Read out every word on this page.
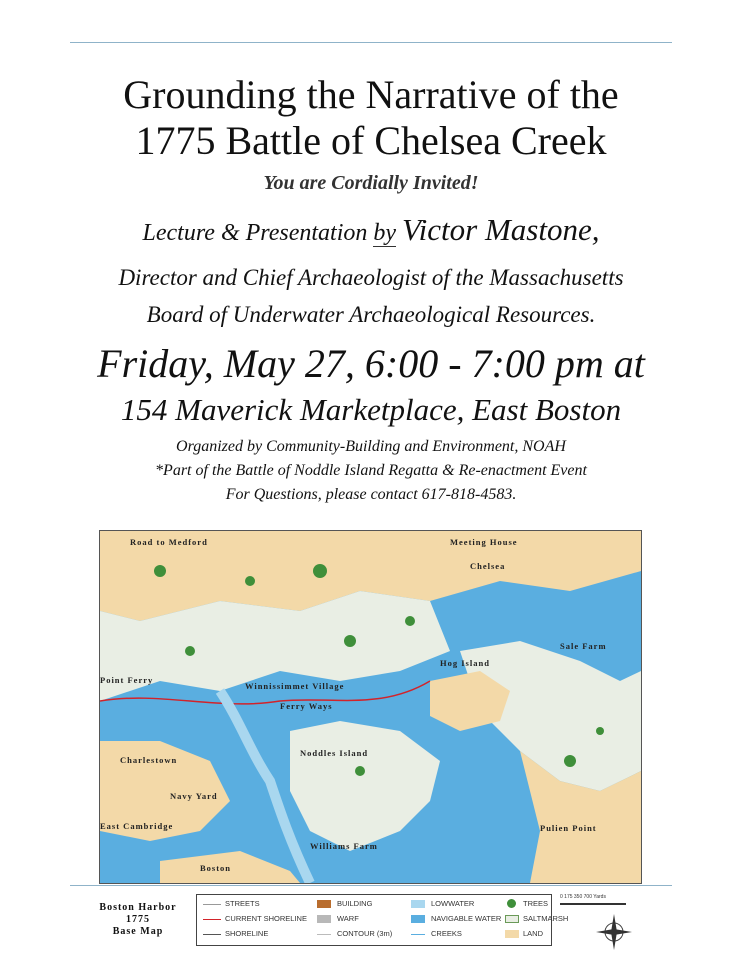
Grounding the Narrative of the
1775 Battle of Chelsea Creek
You are Cordially Invited!
Lecture & Presentation by Victor Mastone,
Director and Chief Archaeologist of the Massachusetts
Board of Underwater Archaeological Resources.
Friday, May 27, 6:00 - 7:00 pm at
154 Maverick Marketplace, East Boston
Organized by Community-Building and Environment, NOAH
*Part of the Battle of Noddle Island Regatta & Re-enactment Event
For Questions, please contact 617-818-4583.
Road to Medford	Meeting House
Chelsea
Sale Farm
Hog Island
Winnissimmet Village
Ferry Ways
Noddles Island
Charlestown
Navy Yard
East Cambridge
Williams Farm
Boston
Pulien Point
Point Ferry
Boston Harbor
1775
Base Map
STREETS
CURRENT SHORELINE
SHORELINE
BUILDING
WARF
CONTOUR (3m)
LOWWATER
NAVIGABLE WATER
CREEKS
TREES
SALTMARSH
LAND
0 175 350 700 Yards
